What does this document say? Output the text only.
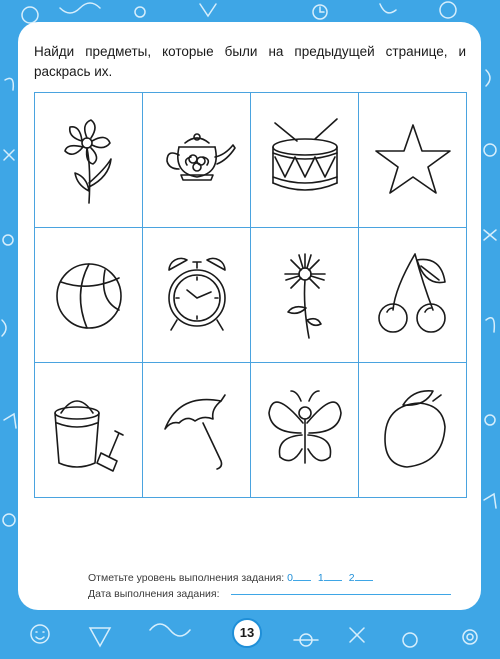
Найди предметы, которые были на предыдущей странице, и раскрась их.

Отметьте уровень выполнения задания: 0 1 2
Дата выполнения задания:
13
